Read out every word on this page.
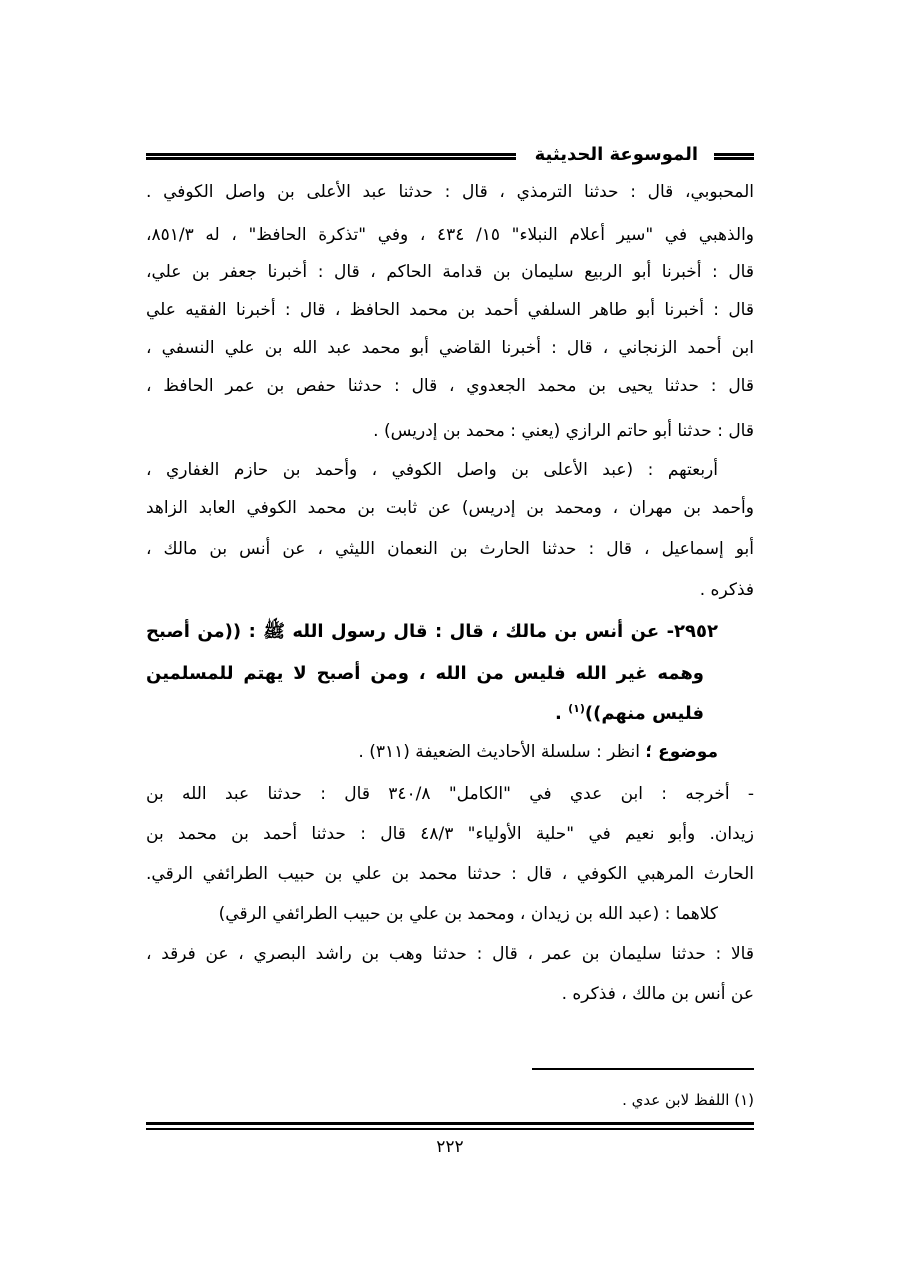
الموسوعة الحديثية
المحبوبي، قال : حدثنا الترمذي ، قال : حدثنا عبد الأعلى بن واصل الكوفي .
والذهبي في "سير أعلام النبلاء" ١٥/ ٤٣٤ ، وفي "تذكرة الحافظ" ، له ٨٥١/٣،
قال : أخبرنا أبو الربيع سليمان بن قدامة الحاكم ، قال : أخبرنا جعفر بن علي،
قال : أخبرنا أبو طاهر السلفي أحمد بن محمد الحافظ ، قال : أخبرنا الفقيه علي
ابن أحمد الزنجاني ، قال : أخبرنا القاضي أبو محمد عبد الله بن علي النسفي ،
قال : حدثنا يحيى بن محمد الجعدوي ، قال : حدثنا حفص بن عمر الحافظ ،
قال : حدثنا أبو حاتم الرازي (يعني : محمد بن إدريس) .
أربعتهم : (عبد الأعلى بن واصل الكوفي ، وأحمد بن حازم الغفاري ،
وأحمد بن مهران ، ومحمد بن إدريس) عن ثابت بن محمد الكوفي العابد الزاهد
أبو إسماعيل ، قال : حدثنا الحارث بن النعمان الليثي ، عن أنس بن مالك ،
فذكره .
٢٩٥٢- عن أنس بن مالك ، قال : قال رسول الله ﷺ : ((من أصبح
وهمه غير الله فليس من الله ، ومن أصبح لا يهتم للمسلمين
فليس منهم))$^{(١)}$ .
موضوع ؛ انظر : سلسلة الأحاديث الضعيفة (٣١١) .
- أخرجه : ابن عدي في "الكامل" ٣٤٠/٨ قال : حدثنا عبد الله بن
زيدان. وأبو نعيم في "حلية الأولياء" ٤٨/٣ قال : حدثنا أحمد بن محمد بن
الحارث المرهبي الكوفي ، قال : حدثنا محمد بن علي بن حبيب الطرائفي الرقي.
كلاهما : (عبد الله بن زيدان ، ومحمد بن علي بن حبيب الطرائفي الرقي)
قالا : حدثنا سليمان بن عمر ، قال : حدثنا وهب بن راشد البصري ، عن فرقد ،
عن أنس بن مالك ، فذكره .
(١) اللفظ لابن عدي .
٢٢٢
